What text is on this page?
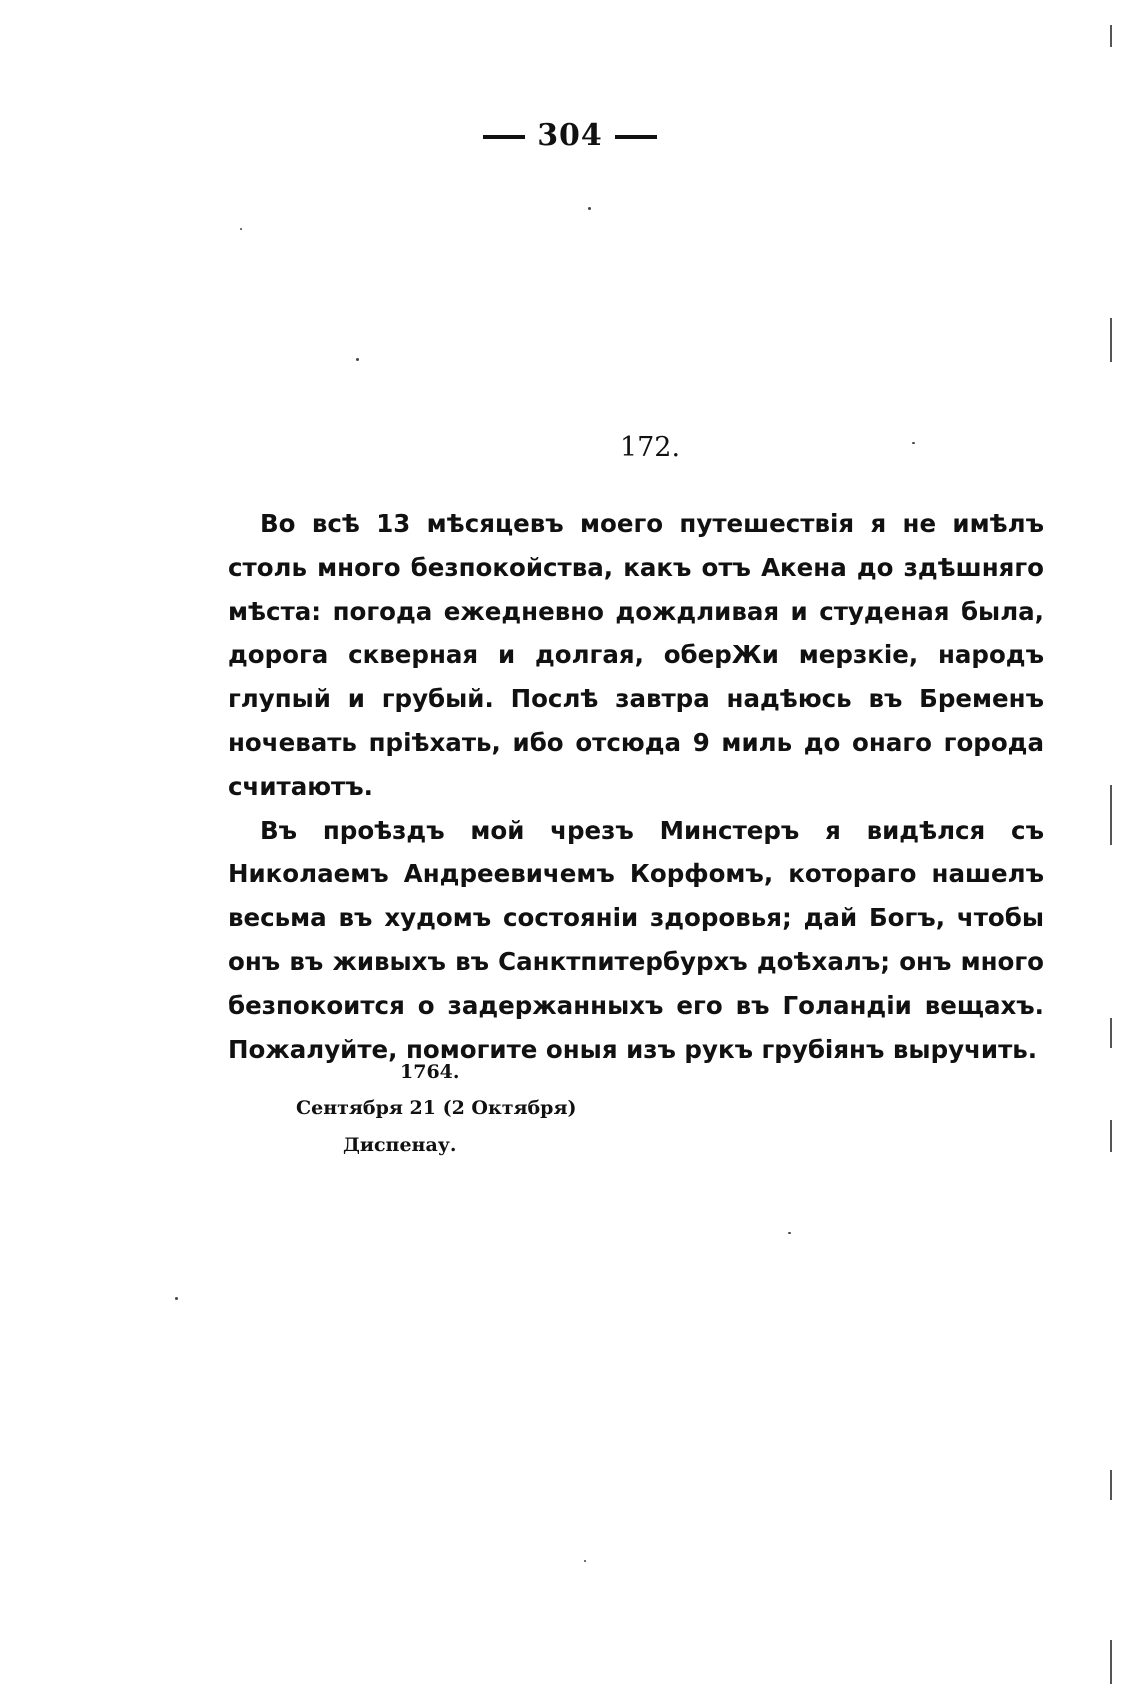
304
172.

Во всѣ 13 мѣсяцевъ моего путешествія я не имѣлъ столь много безпокойства, какъ отъ Акена до здѣшняго мѣста: погода ежедневно дождливая и студеная была, дорога скверная и долгая, оберЖи мерзкіе, народъ глупый и грубый. Послѣ завтра надѣюсь въ Бременъ ночевать пріѣхать, ибо отсюда 9 миль до онаго города считаютъ.

Въ проѣздъ мой чрезъ Минстеръ я видѣлся съ Николаемъ Андреевичемъ Корфомъ, котораго нашелъ весьма въ худомъ состояніи здоровья; дай Богъ, чтобы онъ въ живыхъ въ Санктпитербурхъ доѣхалъ; онъ много безпокоится о задержанныхъ его въ Голандіи вещахъ. Пожалуйте, помогите оныя изъ рукъ грубіянъ выручить.

1764.
Сентября 21 (2 Октября)
Диспенау.
